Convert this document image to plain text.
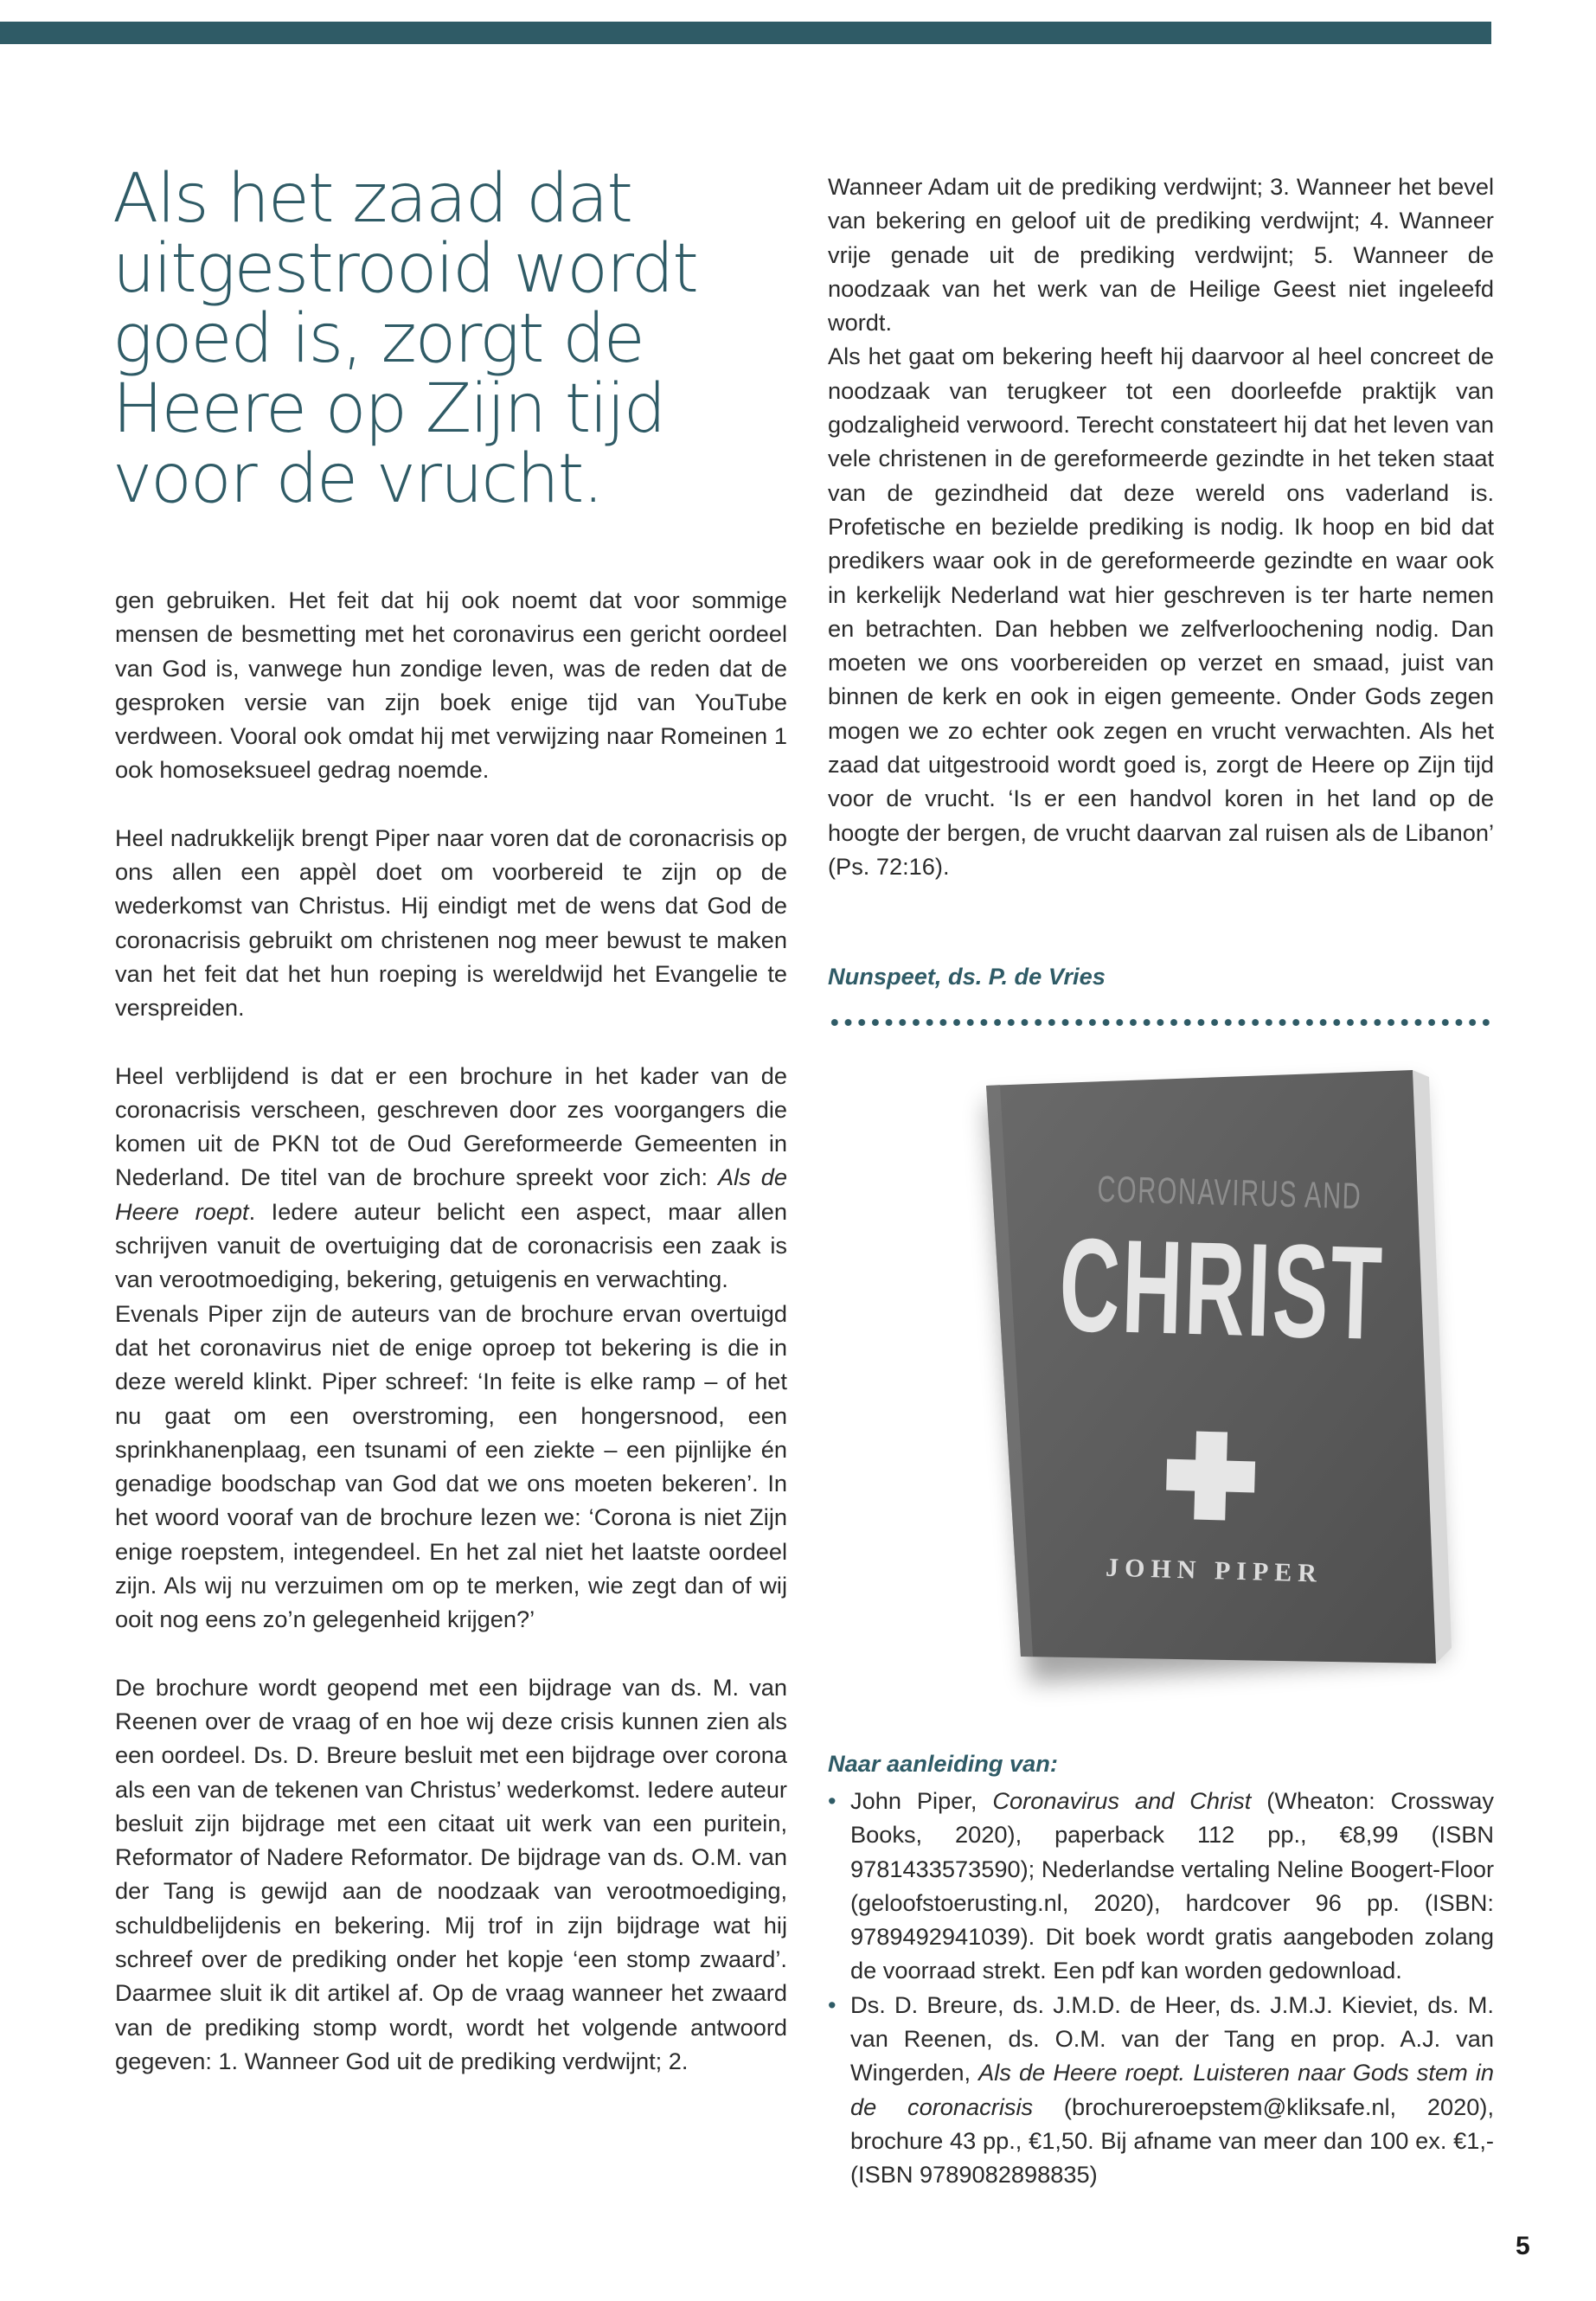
Als het zaad dat
uitgestrooid wordt
goed is, zorgt de
Heere op Zijn tijd
voor de vrucht.

gen gebruiken. Het feit dat hij ook noemt dat voor sommige mensen de besmetting met het coronavirus een gericht oordeel van God is, vanwege hun zondige leven, was de reden dat de gesproken versie van zijn boek enige tijd van YouTube verdween. Vooral ook omdat hij met verwijzing naar Romeinen 1 ook homoseksueel gedrag noemde.

Heel nadrukkelijk brengt Piper naar voren dat de coronacrisis op ons allen een appèl doet om voorbereid te zijn op de wederkomst van Christus. Hij eindigt met de wens dat God de coronacrisis gebruikt om christenen nog meer bewust te maken van het feit dat het hun roeping is wereldwijd het Evangelie te verspreiden.

Heel verblijdend is dat er een brochure in het kader van de coronacrisis verscheen, geschreven door zes voorgangers die komen uit de PKN tot de Oud Gereformeerde Gemeenten in Nederland. De titel van de brochure spreekt voor zich: Als de Heere roept. Iedere auteur belicht een aspect, maar allen schrijven vanuit de overtuiging dat de coronacrisis een zaak is van verootmoediging, bekering, getuigenis en verwachting.

Evenals Piper zijn de auteurs van de brochure ervan overtuigd dat het coronavirus niet de enige oproep tot bekering is die in deze wereld klinkt. Piper schreef: ‘In feite is elke ramp – of het nu gaat om een overstroming, een hongersnood, een sprinkhanenplaag, een tsunami of een ziekte – een pijnlijke én genadige boodschap van God dat we ons moeten bekeren’. In het woord vooraf van de brochure lezen we: ‘Corona is niet Zijn enige roepstem, integendeel. En het zal niet het laatste oordeel zijn. Als wij nu verzuimen om op te merken, wie zegt dan of wij ooit nog eens zo’n gelegenheid krijgen?’

De brochure wordt geopend met een bijdrage van ds. M. van Reenen over de vraag of en hoe wij deze crisis kunnen zien als een oordeel. Ds. D. Breure besluit met een bijdrage over corona als een van de tekenen van Christus’ wederkomst. Iedere auteur besluit zijn bijdrage met een citaat uit werk van een puritein, Reformator of Nadere Reformator. De bijdrage van ds. O.M. van der Tang is gewijd aan de noodzaak van verootmoediging, schuldbelijdenis en bekering. Mij trof in zijn bijdrage wat hij schreef over de prediking onder het kopje ‘een stomp zwaard’. Daarmee sluit ik dit artikel af. Op de vraag wanneer het zwaard van de prediking stomp wordt, wordt het volgende antwoord gegeven: 1. Wanneer God uit de prediking verdwijnt; 2.

Wanneer Adam uit de prediking verdwijnt; 3. Wanneer het bevel van bekering en geloof uit de prediking verdwijnt; 4. Wanneer vrije genade uit de prediking verdwijnt; 5. Wanneer de noodzaak van het werk van de Heilige Geest niet ingeleefd wordt.

Als het gaat om bekering heeft hij daarvoor al heel concreet de noodzaak van terugkeer tot een doorleefde praktijk van godzaligheid verwoord. Terecht constateert hij dat het leven van vele christenen in de gereformeerde gezindte in het teken staat van de gezindheid dat deze wereld ons vaderland is. Profetische en bezielde prediking is nodig. Ik hoop en bid dat predikers waar ook in de gereformeerde gezindte en waar ook in kerkelijk Nederland wat hier geschreven is ter harte nemen en betrachten. Dan hebben we zelfverloochening nodig. Dan moeten we ons voorbereiden op verzet en smaad, juist van binnen de kerk en ook in eigen gemeente. Onder Gods zegen mogen we zo echter ook zegen en vrucht verwachten. Als het zaad dat uitgestrooid wordt goed is, zorgt de Heere op Zijn tijd voor de vrucht. ‘Is er een handvol koren in het land op de hoogte der bergen, de vrucht daarvan zal ruisen als de Libanon’ (Ps. 72:16).

Nunspeet, ds. P. de Vries
CORONAVIRUS AND
CHRIST
JOHN PIPER
Naar aanleiding van:
• John Piper, Coronavirus and Christ (Wheaton: Crossway Books, 2020), paperback 112 pp., €8,99 (ISBN 9781433573590); Nederlandse vertaling Neline Boogert-Floor (geloofstoerusting.nl, 2020), hardcover 96 pp. (ISBN: 9789492941039). Dit boek wordt gratis aangeboden zolang de voorraad strekt. Een pdf kan worden gedownload.
• Ds. D. Breure, ds. J.M.D. de Heer, ds. J.M.J. Kieviet, ds. M. van Reenen, ds. O.M. van der Tang en prop. A.J. van Wingerden, Als de Heere roept. Luisteren naar Gods stem in de coronacrisis (brochureroepstem@kliksafe.nl, 2020), brochure 43 pp., €1,50. Bij afname van meer dan 100 ex. €1,- (ISBN 9789082898835)
5
